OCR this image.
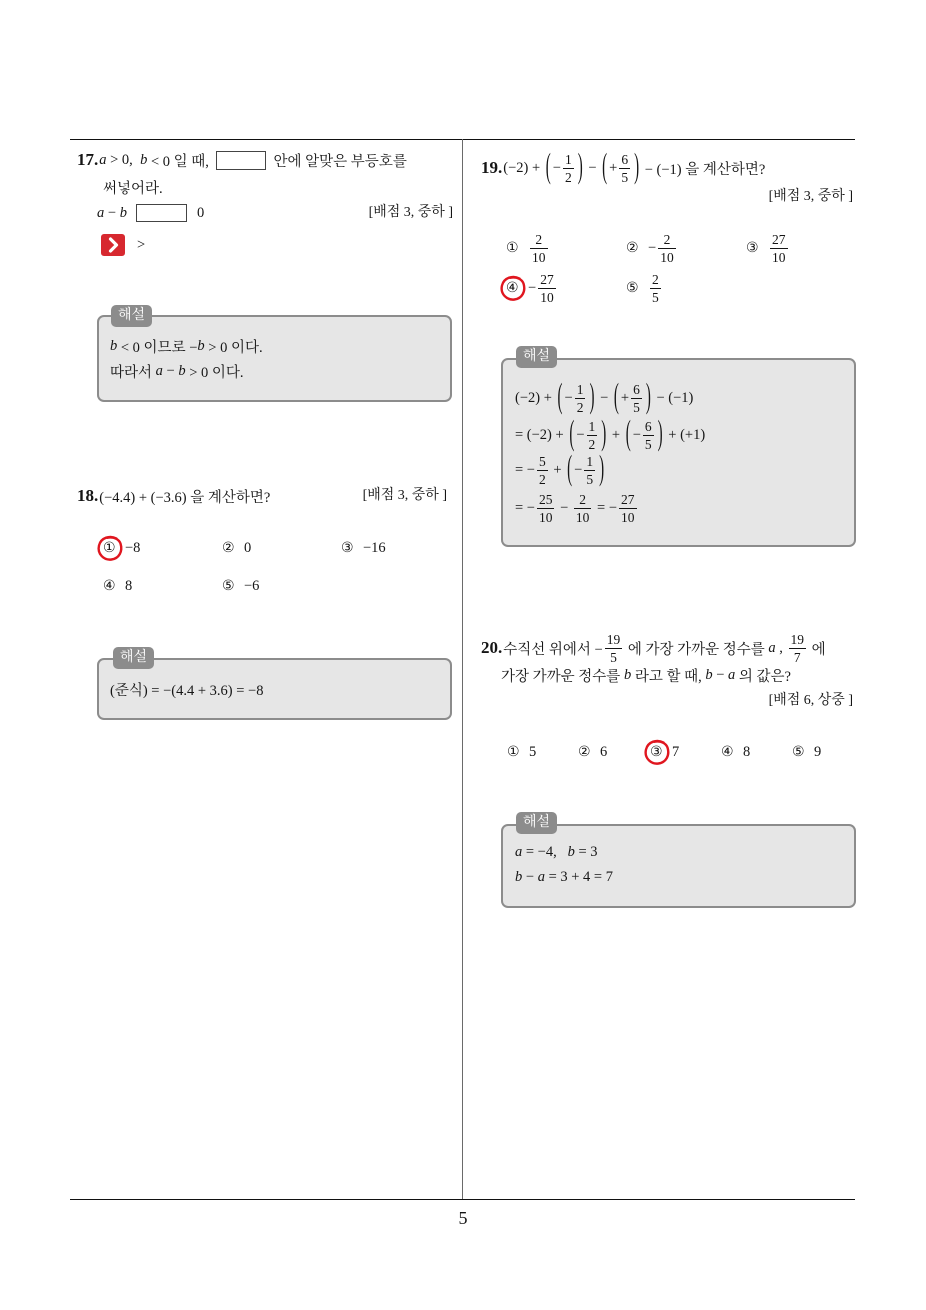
5
17. a > 0, b < 0 일 때,	안에 알맞은 부등호를
써넣어라.
a − b	0	[배점 3, 중하 ]
>
해설
b < 0 이므로 − b > 0 이다.
따라서 a − b > 0 이다.
18. (−4.4) + (−3.6) 을 계산하면?	[배점 3, 중하 ]
① −8	② 0	③ −16
④ 8	⑤ −6
해설
(준식) = −(4.4 + 3.6) = −8
19. (−2) + ( − $\frac{1}{2}$ ) − ( + $\frac{6}{5}$ ) − (−1) 을 계산하면?
[배점 3, 중하 ]
① $\frac{2}{10}$	② − $\frac{2}{10}$	③ $\frac{27}{10}$
④ − $\frac{27}{10}$	⑤ $\frac{2}{5}$
해설
(−2) + ( − $\frac{1}{2}$ ) − ( + $\frac{6}{5}$ ) − (−1)
= (−2) + ( − $\frac{1}{2}$ ) + ( − $\frac{6}{5}$ ) + (+1)
= − $\frac{5}{2}$ + ( − $\frac{1}{5}$ )
= − $\frac{25}{10} - \frac{2}{10}$ = − $\frac{27}{10}$
20. 수직선 위에서 − $\frac{19}{5}$ 에 가장 가까운 정수를 a , $\frac{19}{7}$ 에
가장 가까운 정수를 b 라고 할 때, b − a 의 값은?
[배점 6, 상중 ]
① 5	② 6	③ 7	④ 8	⑤ 9
해설
a = −4, b = 3
b − a = 3 + 4 = 7
